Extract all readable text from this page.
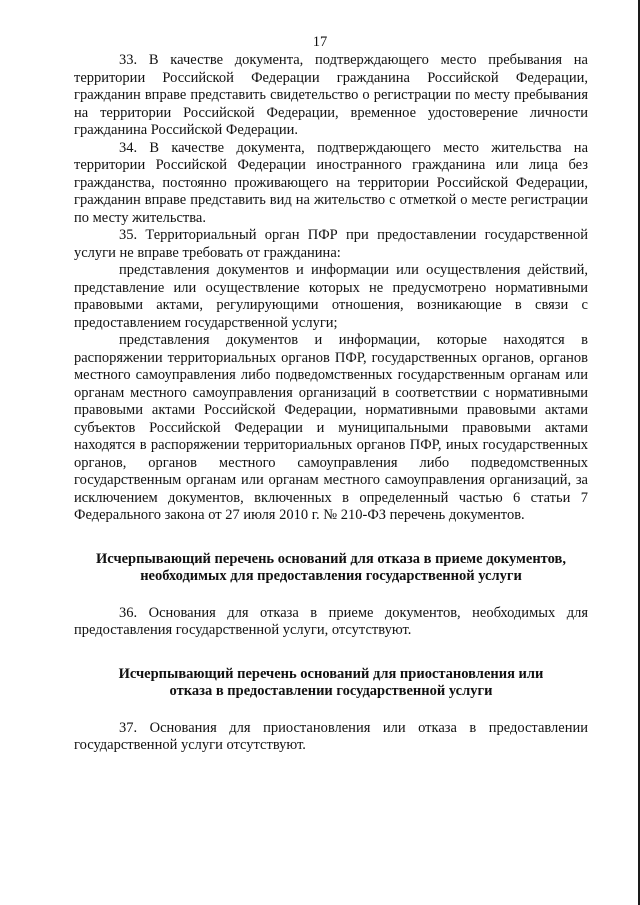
17

33. В качестве документа, подтверждающего место пребывания на территории Российской Федерации гражданина Российской Федерации, гражданин вправе представить свидетельство о регистрации по месту пребывания на территории Российской Федерации, временное удостоверение личности гражданина Российской Федерации.

34. В качестве документа, подтверждающего место жительства на территории Российской Федерации иностранного гражданина или лица без гражданства, постоянно проживающего на территории Российской Федерации, гражданин вправе представить вид на жительство с отметкой о месте регистрации по месту жительства.

35. Территориальный орган ПФР при предоставлении государственной услуги не вправе требовать от гражданина:

представления документов и информации или осуществления действий, представление или осуществление которых не предусмотрено нормативными правовыми актами, регулирующими отношения, возникающие в связи с предоставлением государственной услуги;

представления документов и информации, которые находятся в распоряжении территориальных органов ПФР, государственных органов, органов местного самоуправления либо подведомственных государственным органам или органам местного самоуправления организаций в соответствии с нормативными правовыми актами Российской Федерации, нормативными правовыми актами субъектов Российской Федерации и муниципальными правовыми актами находятся в распоряжении территориальных органов ПФР, иных государственных органов, органов местного самоуправления либо подведомственных государственным органам или органам местного самоуправления организаций, за исключением документов, включенных в определенный частью 6 статьи 7 Федерального закона от 27 июля 2010 г. № 210-ФЗ перечень документов.

Исчерпывающий перечень оснований для отказа в приеме документов,
необходимых для предоставления государственной услуги

36. Основания для отказа в приеме документов, необходимых для предоставления государственной услуги, отсутствуют.

Исчерпывающий перечень оснований для приостановления или
отказа в предоставлении государственной услуги

37. Основания для приостановления или отказа в предоставлении государственной услуги отсутствуют.
